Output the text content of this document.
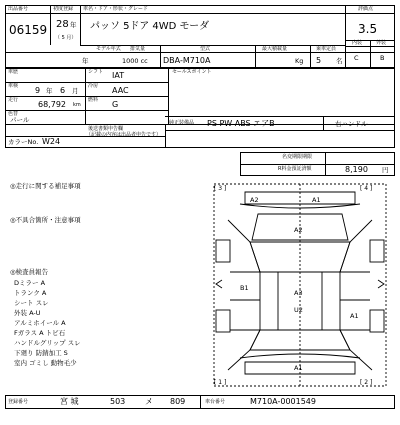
出品番号
06159
初度登録
28 年
（ 5 月）
車名・ドア・形状・グレード
パッソ 5ドア 4WD モーダ
モデル年式
年
排気量
1000 cc
型式
DBA-M710A
最大積載量
Kg
乗車定員
5 名
評価点
3.5
内装
C
外装
B
車歴	シフト IAT
車検 9 年 6 月
冷房 AAC
走行 68,792 km
燃料 G
色替
パール
セールスポイント
カラーNo. W24
後送書類申告欄
（記載の内容は出品者申告です）
純正装備品 PS PW ABS エアB	右ハンドル
名変期限期限
R料金預託済額	8,190 円
◎走行に関する補足事項
◎不具合箇所・注意事項
◎検査員報告
Dミラー A
トランク A
シート スレ
外装 A-U
アルミホイール A
Fガラス A トビ石
ハンドルグリップ スレ
下廻り 防錆加工 S
室内 ゴミし 動物毛少
[ 3 ]	[ 4 ]
[ 1 ]	[ 2 ]
A2	A1
A2
B1
A3
U2
A1
A1
登録番号	宮 城	503 メ 809	車台番号	M710A-0001549
